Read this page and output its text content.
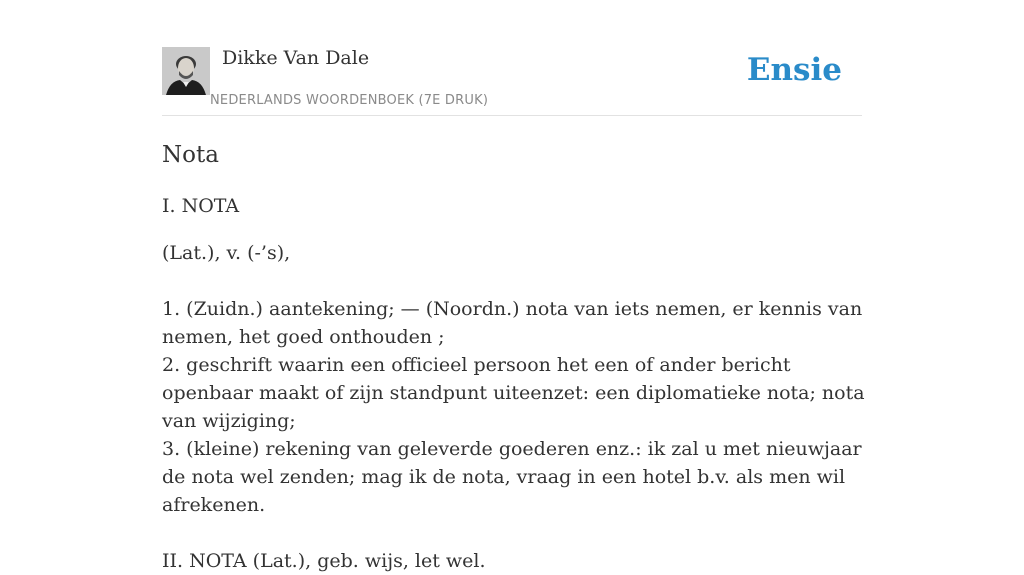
Dikke Van Dale
NEDERLANDS WOORDENBOEK (7E DRUK)
Ensie
Nota
I. NOTA

(Lat.), v. (-’s),

1. (Zuidn.) aantekening; — (Noordn.) nota van iets nemen, er kennis van nemen, het goed onthouden ;

2. geschrift waarin een officieel persoon het een of ander bericht openbaar maakt of zijn standpunt uiteenzet: een diplomatieke nota; nota van wijziging;

3. (kleine) rekening van geleverde goederen enz.: ik zal u met nieuwjaar de nota wel zenden; mag ik de nota, vraag in een hotel b.v. als men wil afrekenen.

II. NOTA (Lat.), geb. wijs, let wel.
